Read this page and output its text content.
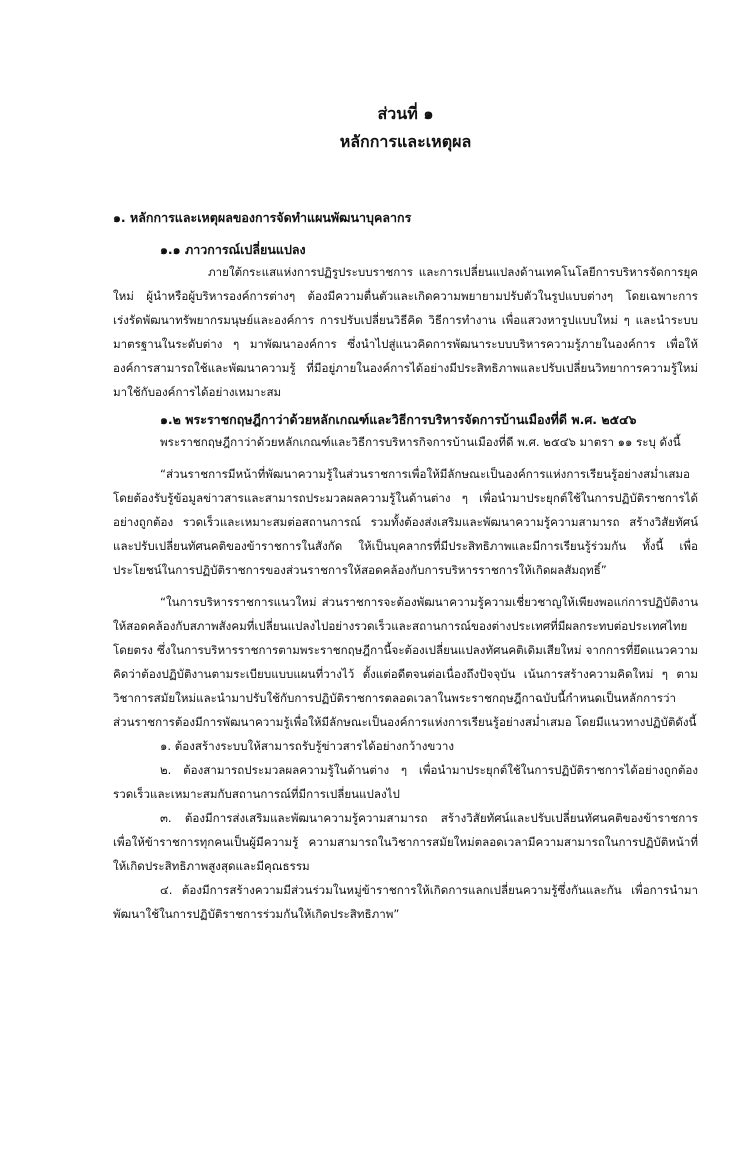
ส่วนที่ ๑
หลักการและเหตุผล
๑. หลักการและเหตุผลของการจัดทำแผนพัฒนาบุคลากร
๑.๑ ภาวการณ์เปลี่ยนแปลง

ภายใต้กระแสแห่งการปฏิรูประบบราชการ และการเปลี่ยนแปลงด้านเทคโนโลยีการบริหารจัดการยุคใหม่ ผู้นำหรือผู้บริหารองค์การต่างๆ ต้องมีความตื่นตัวและเกิดความพยายามปรับตัวในรูปแบบต่างๆ โดยเฉพาะการเร่งรัดพัฒนาทรัพยากรมนุษย์และองค์การ การปรับเปลี่ยนวิธีคิด วิธีการทำงาน เพื่อแสวงหารูปแบบใหม่ ๆ และนำระบบมาตรฐานในระดับต่าง ๆ มาพัฒนาองค์การ ซึ่งนำไปสู่แนวคิดการพัฒนาระบบบริหารความรู้ภายในองค์การ เพื่อให้องค์การสามารถใช้และพัฒนาความรู้ ที่มีอยู่ภายในองค์การได้อย่างมีประสิทธิภาพและปรับเปลี่ยนวิทยาการความรู้ใหม่มาใช้กับองค์การได้อย่างเหมาะสม

๑.๒ พระราชกฤษฎีกาว่าด้วยหลักเกณฑ์และวิธีการบริหารจัดการบ้านเมืองที่ดี พ.ศ. ๒๕๔๖

พระราชกฤษฎีกาว่าด้วยหลักเกณฑ์และวิธีการบริหารกิจการบ้านเมืองที่ดี พ.ศ. ๒๕๔๖ มาตรา ๑๑ ระบุ ดังนี้

“ส่วนราชการมีหน้าที่พัฒนาความรู้ในส่วนราชการเพื่อให้มีลักษณะเป็นองค์การแห่งการเรียนรู้อย่างสม่ำเสมอ โดยต้องรับรู้ข้อมูลข่าวสารและสามารถประมวลผลความรู้ในด้านต่าง ๆ เพื่อนำมาประยุกต์ใช้ในการปฏิบัติราชการได้อย่างถูกต้อง รวดเร็วและเหมาะสมต่อสถานการณ์ รวมทั้งต้องส่งเสริมและพัฒนาความรู้ความสามารถ สร้างวิสัยทัศน์และปรับเปลี่ยนทัศนคติของข้าราชการในสังกัด ให้เป็นบุคลากรที่มีประสิทธิภาพและมีการเรียนรู้ร่วมกัน ทั้งนี้ เพื่อประโยชน์ในการปฏิบัติราชการของส่วนราชการให้สอดคล้องกับการบริหารราชการให้เกิดผลสัมฤทธิ์”

“ในการบริหารราชการแนวใหม่ ส่วนราชการจะต้องพัฒนาความรู้ความเชี่ยวชาญให้เพียงพอแก่การปฏิบัติงาน ให้สอดคล้องกับสภาพสังคมที่เปลี่ยนแปลงไปอย่างรวดเร็วและสถานการณ์ของต่างประเทศที่มีผลกระทบต่อประเทศไทยโดยตรง ซึ่งในการบริหารราชการตามพระราชกฤษฎีกานี้จะต้องเปลี่ยนแปลงทัศนคติเดิมเสียใหม่ จากการที่ยึดแนวความคิดว่าต้องปฏิบัติงานตามระเบียบแบบแผนที่วางไว้ ตั้งแต่อดีตจนต่อเนื่องถึงปัจจุบัน เน้นการสร้างความคิดใหม่ ๆ ตามวิชาการสมัยใหม่และนำมาปรับใช้กับการปฏิบัติราชการตลอดเวลาในพระราชกฤษฎีกาฉบับนี้กำหนดเป็นหลักการว่า ส่วนราชการต้องมีการพัฒนาความรู้เพื่อให้มีลักษณะเป็นองค์การแห่งการเรียนรู้อย่างสม่ำเสมอ โดยมีแนวทางปฏิบัติดังนี้

๑. ต้องสร้างระบบให้สามารถรับรู้ข่าวสารได้อย่างกว้างขวาง

๒. ต้องสามารถประมวลผลความรู้ในด้านต่าง ๆ เพื่อนำมาประยุกต์ใช้ในการปฏิบัติราชการได้อย่างถูกต้อง รวดเร็วและเหมาะสมกับสถานการณ์ที่มีการเปลี่ยนแปลงไป

๓. ต้องมีการส่งเสริมและพัฒนาความรู้ความสามารถ สร้างวิสัยทัศน์และปรับเปลี่ยนทัศนคติของข้าราชการ เพื่อให้ข้าราชการทุกคนเป็นผู้มีความรู้ ความสามารถในวิชาการสมัยใหม่ตลอดเวลามีความสามารถในการปฏิบัติหน้าที่ให้เกิดประสิทธิภาพสูงสุดและมีคุณธรรม

๔. ต้องมีการสร้างความมีส่วนร่วมในหมู่ข้าราชการให้เกิดการแลกเปลี่ยนความรู้ซึ่งกันและกัน เพื่อการนำมาพัฒนาใช้ในการปฏิบัติราชการร่วมกันให้เกิดประสิทธิภาพ”
